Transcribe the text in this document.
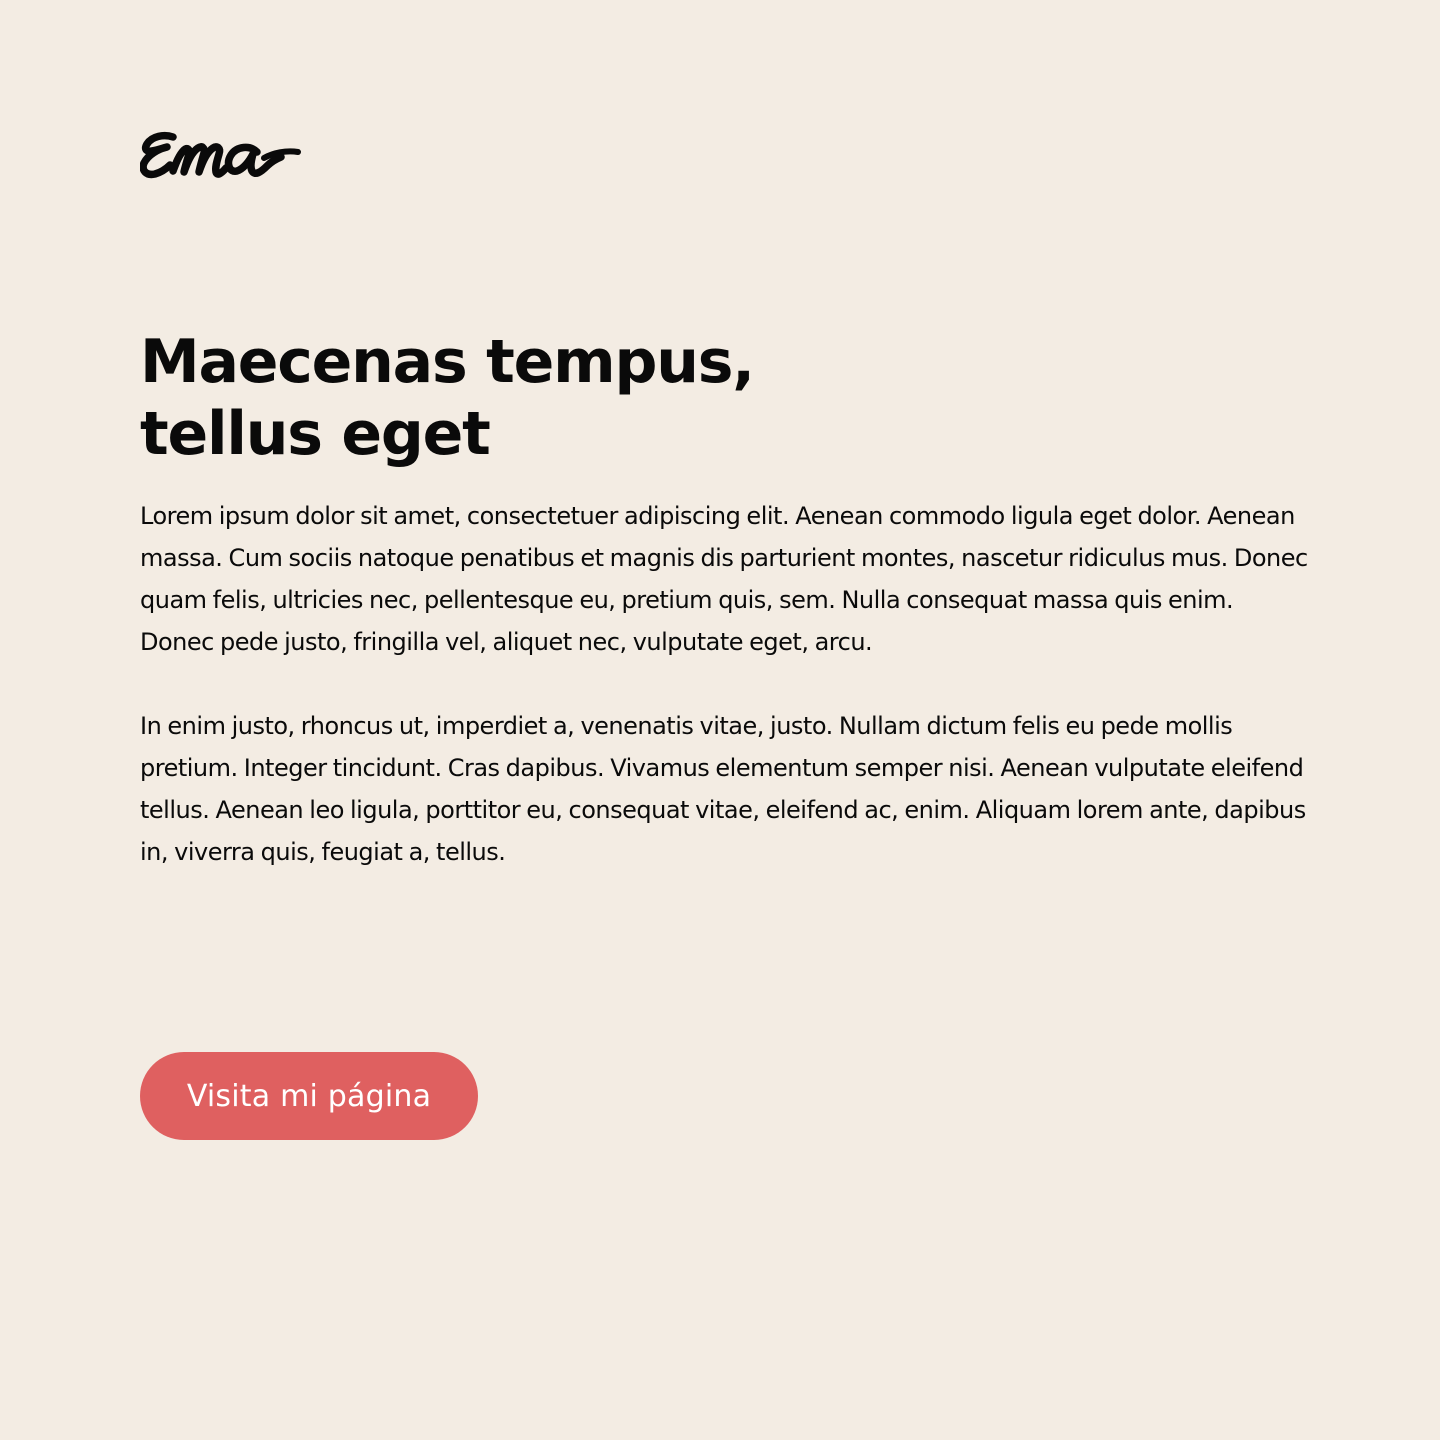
Maecenas tempus,
tellus eget

Lorem ipsum dolor sit amet, consectetuer adipiscing elit. Aenean commodo ligula eget dolor. Aenean massa. Cum sociis natoque penatibus et magnis dis parturient montes, nascetur ridiculus mus. Donec quam felis, ultricies nec, pellentesque eu, pretium quis, sem. Nulla consequat massa quis enim. Donec pede justo, fringilla vel, aliquet nec, vulputate eget, arcu.

In enim justo, rhoncus ut, imperdiet a, venenatis vitae, justo. Nullam dictum felis eu pede mollis pretium. Integer tincidunt. Cras dapibus. Vivamus elementum semper nisi. Aenean vulputate eleifend tellus. Aenean leo ligula, porttitor eu, consequat vitae, eleifend ac, enim. Aliquam lorem ante, dapibus in, viverra quis, feugiat a, tellus.

Visita mi página
